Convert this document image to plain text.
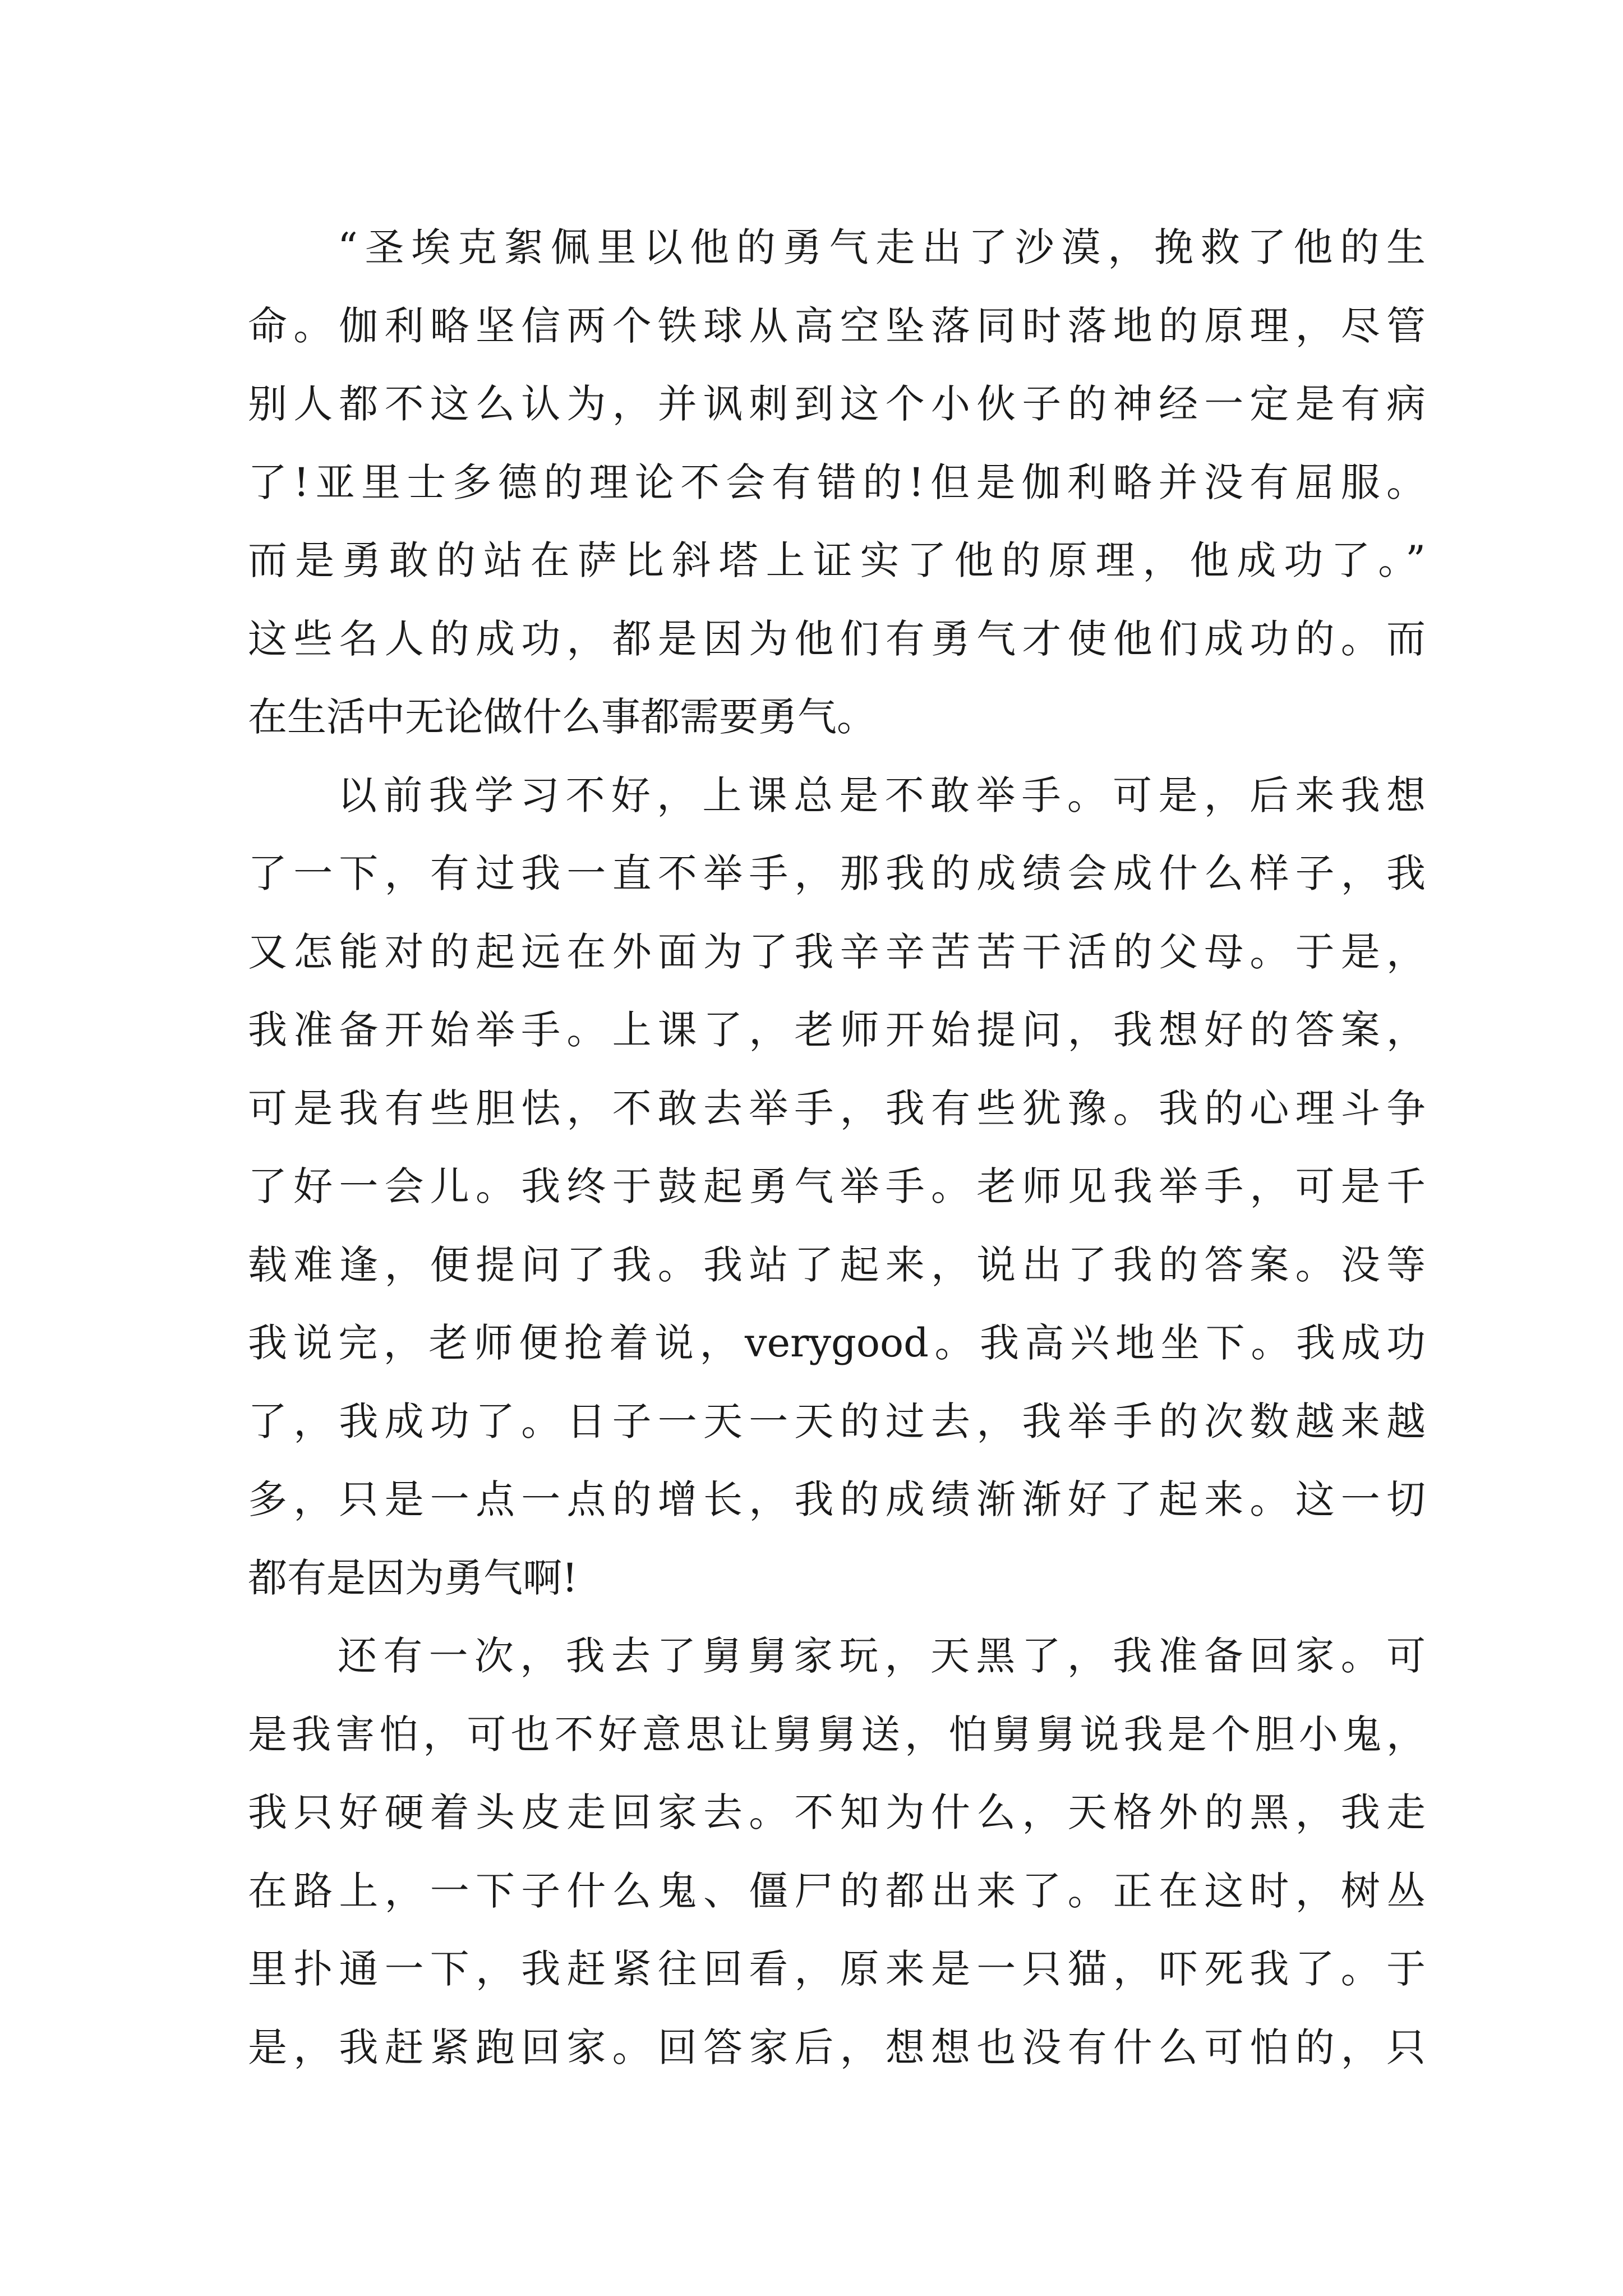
“圣埃克絮佩里以他的勇气走出了沙漠，挽救了他的生
命。伽利略坚信两个铁球从高空坠落同时落地的原理，尽管
别人都不这么认为，并讽刺到这个小伙子的神经一定是有病
了!亚里士多德的理论不会有错的!但是伽利略并没有屈服。
而是勇敢的站在萨比斜塔上证实了他的原理，他成功了。”
这些名人的成功，都是因为他们有勇气才使他们成功的。而
在生活中无论做什么事都需要勇气。
以前我学习不好，上课总是不敢举手。可是，后来我想
了一下，有过我一直不举手，那我的成绩会成什么样子，我
又怎能对的起远在外面为了我辛辛苦苦干活的父母。于是，
我准备开始举手。上课了，老师开始提问，我想好的答案，
可是我有些胆怯，不敢去举手，我有些犹豫。我的心理斗争
了好一会儿。我终于鼓起勇气举手。老师见我举手，可是千
载难逢，便提问了我。我站了起来，说出了我的答案。没等
我说完，老师便抢着说，verygood。我高兴地坐下。我成功
了，我成功了。日子一天一天的过去，我举手的次数越来越
多，只是一点一点的增长，我的成绩渐渐好了起来。这一切
都有是因为勇气啊!
还有一次，我去了舅舅家玩，天黑了，我准备回家。可
是我害怕，可也不好意思让舅舅送，怕舅舅说我是个胆小鬼，
我只好硬着头皮走回家去。不知为什么，天格外的黑，我走
在路上，一下子什么鬼、僵尸的都出来了。正在这时，树丛
里扑通一下，我赶紧往回看，原来是一只猫，吓死我了。于
是，我赶紧跑回家。回答家后，想想也没有什么可怕的，只
